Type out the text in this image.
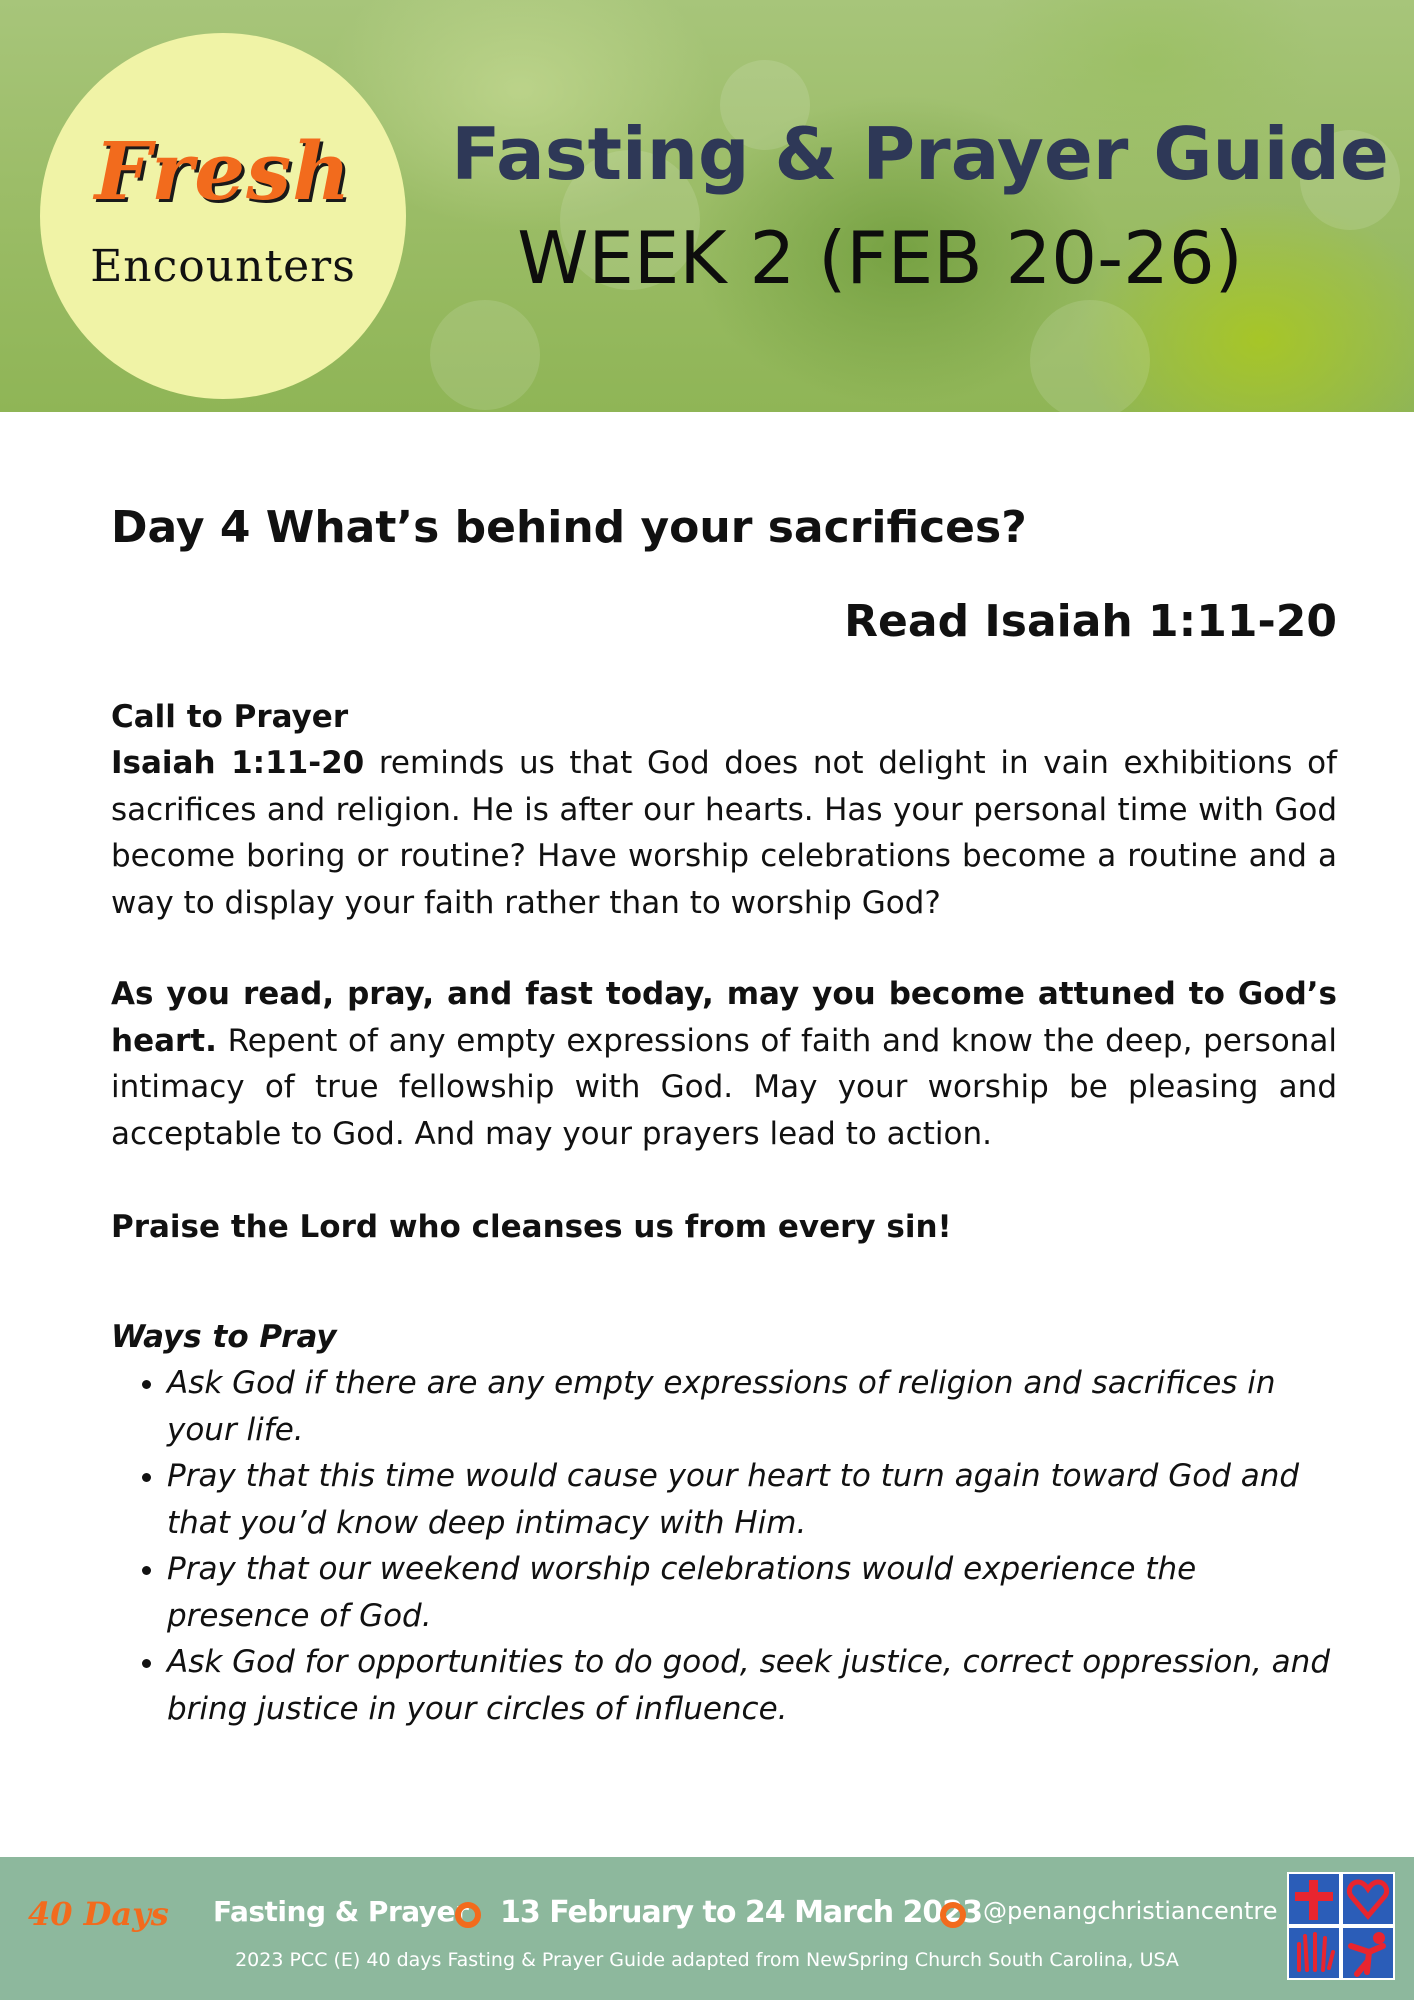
Fresh
Encounters
Fasting & Prayer Guide
WEEK 2 (FEB 20-26)
Day 4 What’s behind your sacrifices?
Read Isaiah 1:11-20
Call to Prayer
Isaiah 1:11-20 reminds us that God does not delight in vain exhibitions of sacrifices and religion. He is after our hearts. Has your personal time with God become boring or routine? Have worship celebrations become a routine and a way to display your faith rather than to worship God?
As you read, pray, and fast today, may you become attuned to God’s heart. Repent of any empty expressions of faith and know the deep, personal intimacy of true fellowship with God. May your worship be pleasing and acceptable to God. And may your prayers lead to action.
Praise the Lord who cleanses us from every sin!
Ways to Pray
• Ask God if there are any empty expressions of religion and sacrifices in your life.
• Pray that this time would cause your heart to turn again toward God and that you’d know deep intimacy with Him.
• Pray that our weekend worship celebrations would experience the presence of God.
• Ask God for opportunities to do good, seek justice, correct oppression, and bring justice in your circles of influence.
40 Days Fasting & Prayer 13 February to 24 March 2023 @penangchristiancentre
2023 PCC (E) 40 days Fasting & Prayer Guide adapted from NewSpring Church South Carolina, USA
